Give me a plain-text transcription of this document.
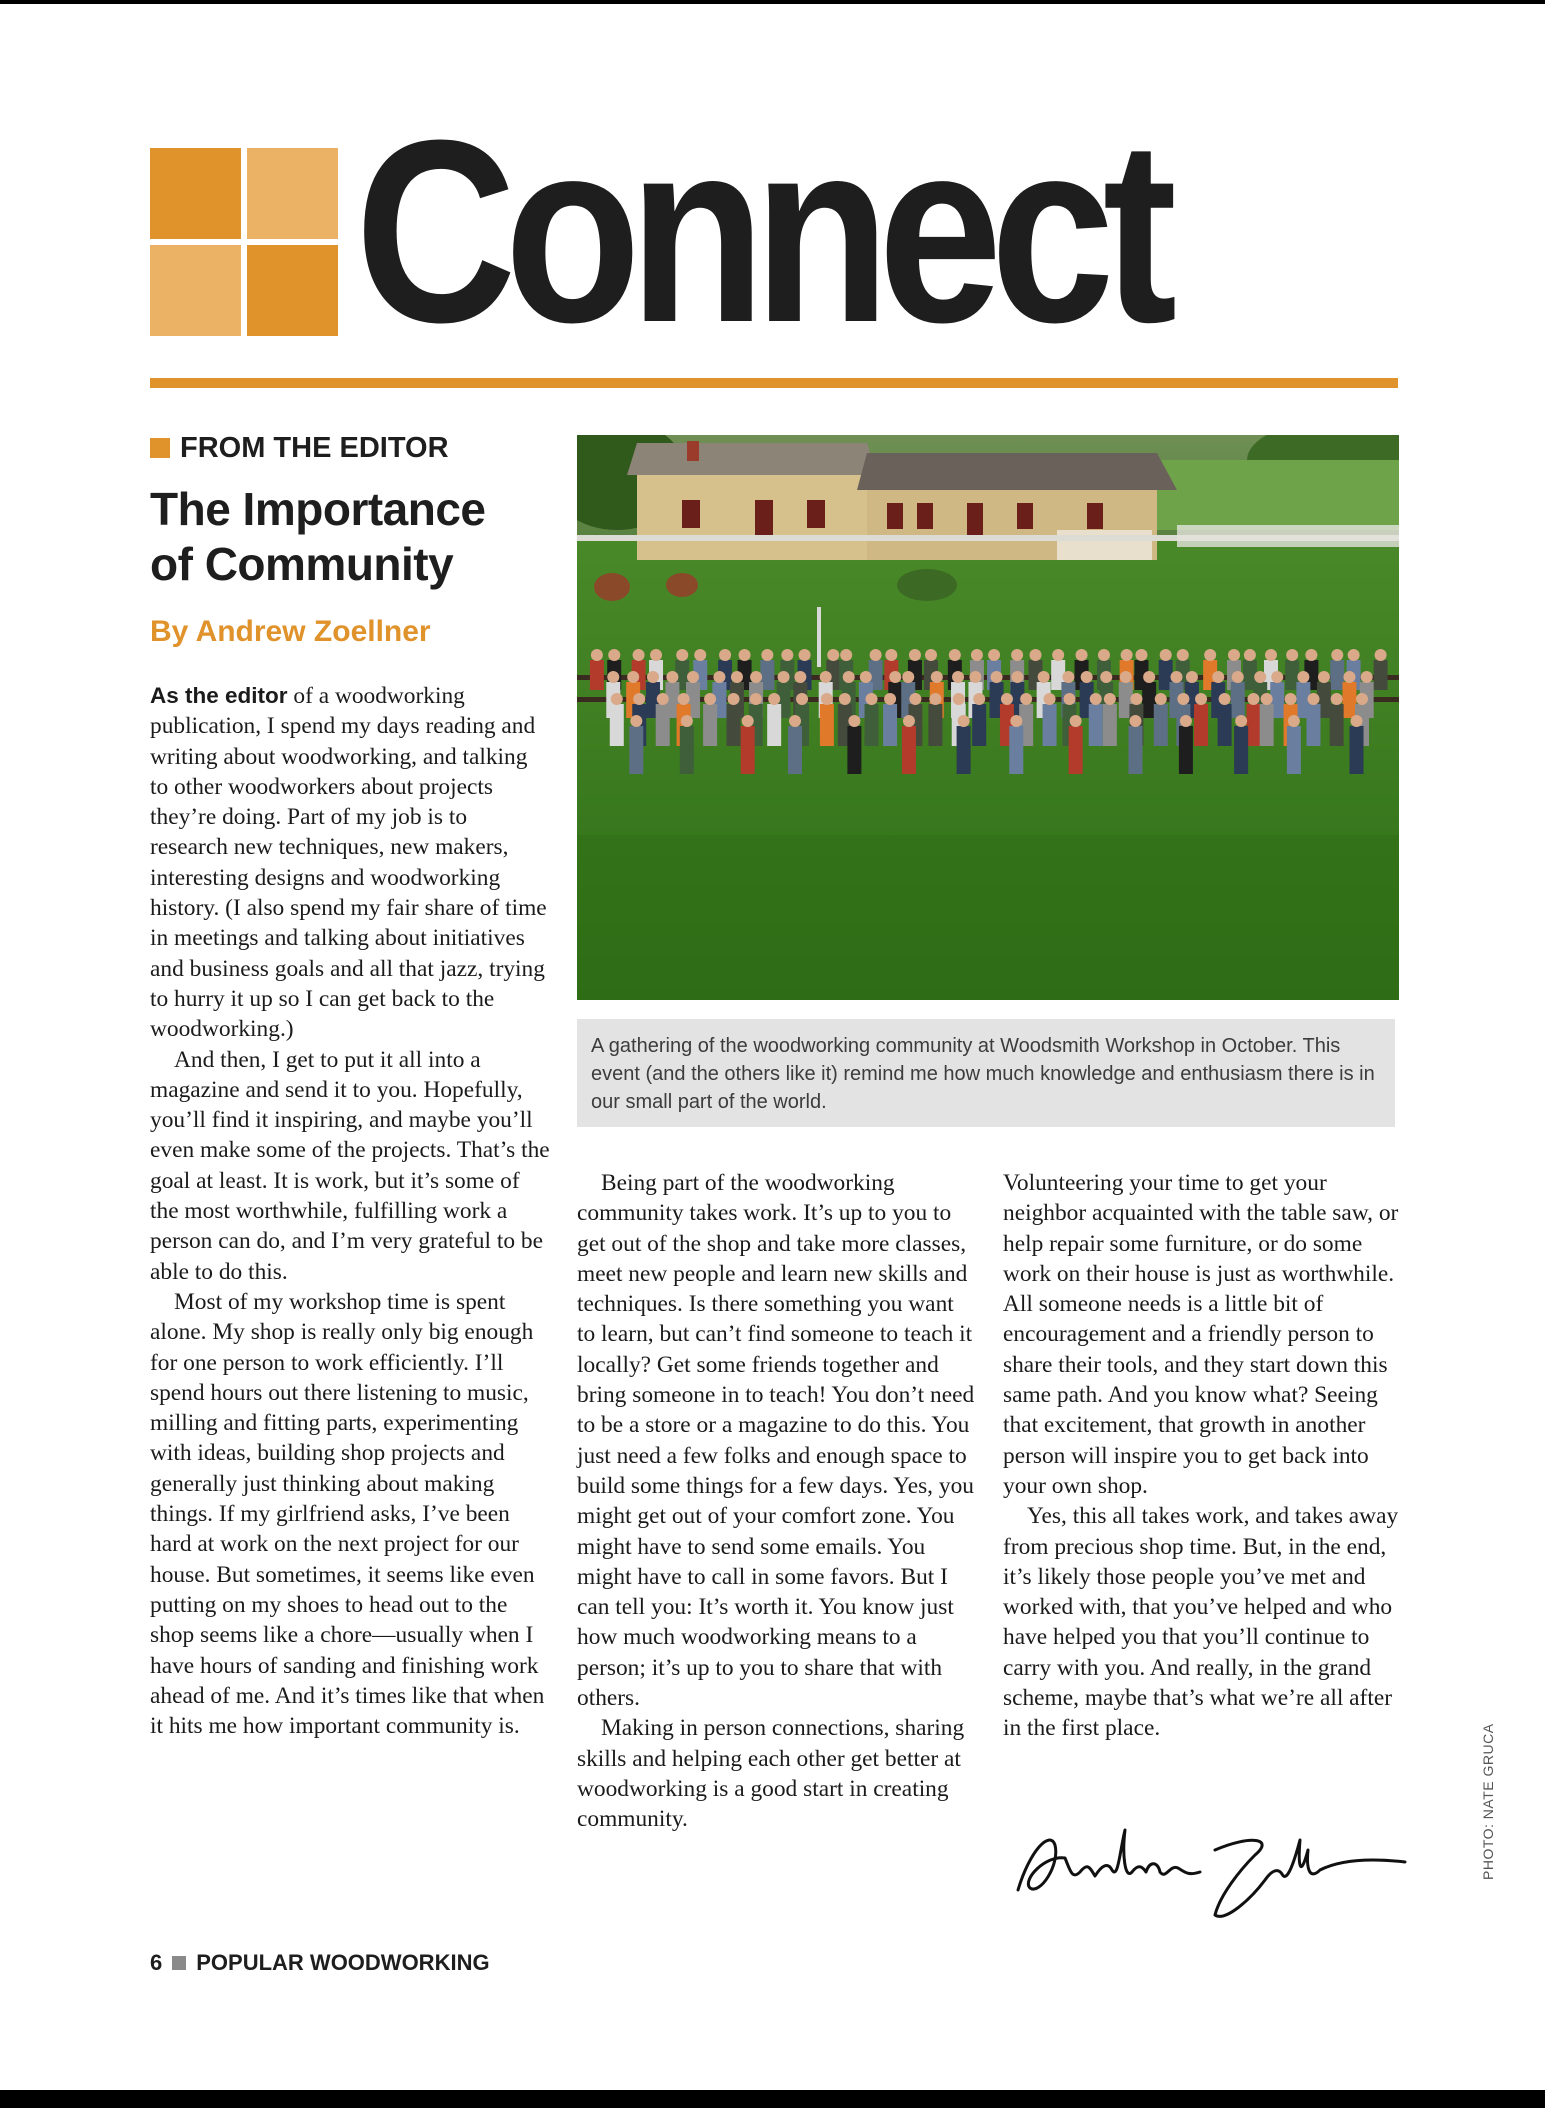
Connect
FROM THE EDITOR
The Importance
of Community
By Andrew Zoellner

As the editor of a woodworking publication, I spend my days reading and writing about woodworking, and talking to other woodworkers about projects they’re doing. Part of my job is to research new techniques, new makers, interesting designs and woodworking history. (I also spend my fair share of time in meetings and talking about initiatives and business goals and all that jazz, trying to hurry it up so I can get back to the woodworking.)

And then, I get to put it all into a magazine and send it to you. Hopefully, you’ll find it inspiring, and maybe you’ll even make some of the projects. That’s the goal at least. It is work, but it’s some of the most worthwhile, fulfilling work a person can do, and I’m very grateful to be able to do this.

Most of my workshop time is spent alone. My shop is really only big enough for one person to work efficiently. I’ll spend hours out there listening to music, milling and fitting parts, experimenting with ideas, building shop projects and generally just thinking about making things. If my girlfriend asks, I’ve been hard at work on the next project for our house. But sometimes, it seems like even putting on my shoes to head out to the shop seems like a chore—usually when I have hours of sanding and finishing work ahead of me. And it’s times like that when it hits me how important community is.

A gathering of the woodworking community at Woodsmith Workshop in October. This event (and the others like it) remind me how much knowledge and enthusiasm there is in our small part of the world.

Being part of the woodworking community takes work. It’s up to you to get out of the shop and take more classes, meet new people and learn new skills and techniques. Is there something you want to learn, but can’t find someone to teach it locally? Get some friends together and bring someone in to teach! You don’t need to be a store or a magazine to do this. You just need a few folks and enough space to build some things for a few days. Yes, you might get out of your comfort zone. You might have to send some emails. You might have to call in some favors. But I can tell you: It’s worth it. You know just how much woodworking means to a person; it’s up to you to share that with others.

Making in person connections, sharing skills and helping each other get better at woodworking is a good start in creating community.

Volunteering your time to get your neighbor acquainted with the table saw, or help repair some furniture, or do some work on their house is just as worthwhile. All someone needs is a little bit of encouragement and a friendly person to share their tools, and they start down this same path. And you know what? Seeing that excitement, that growth in another person will inspire you to get back into your own shop.

Yes, this all takes work, and takes away from precious shop time. But, in the end, it’s likely those people you’ve met and worked with, that you’ve helped and who have helped you that you’ll continue to carry with you. And really, in the grand scheme, maybe that’s what we’re all after in the first place.	PHOTO: NATE GRUCA
6 POPULAR WOODWORKING
